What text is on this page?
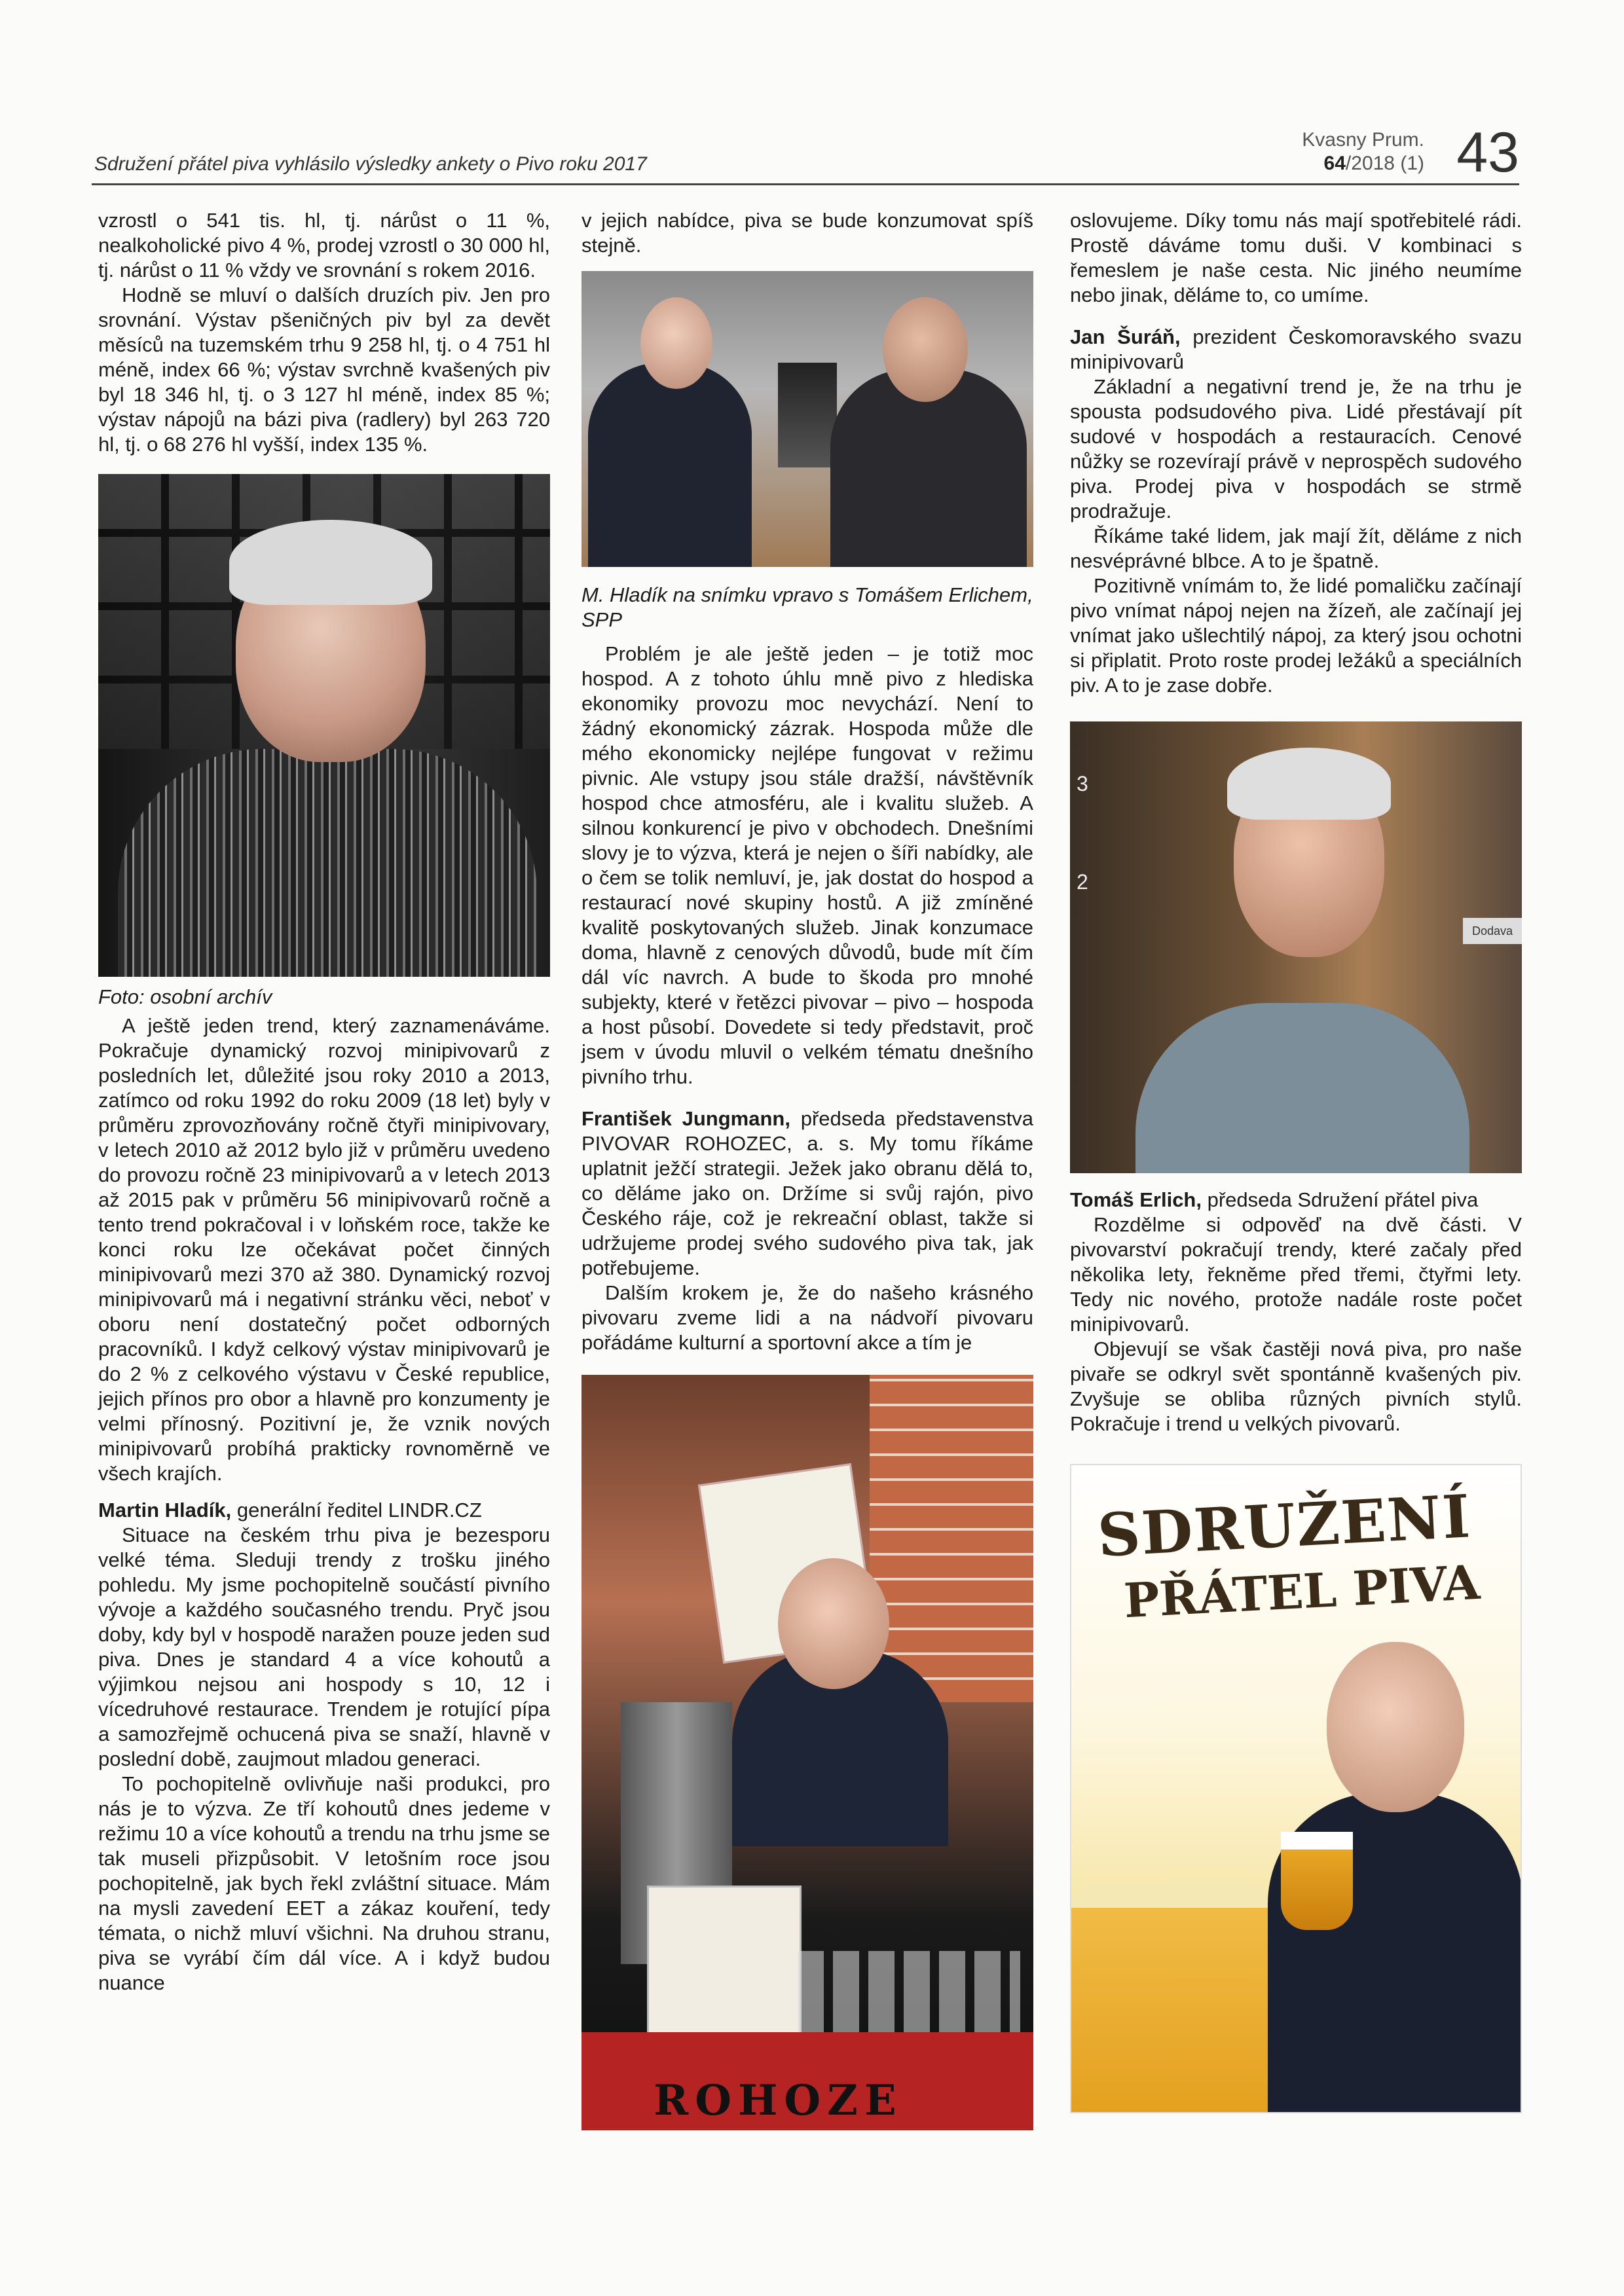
Sdružení přátel piva vyhlásilo výsledky ankety o Pivo roku 2017
Kvasny Prum.
64/2018 (1) 43

vzrostl o 541 tis. hl, tj. nárůst o 11 %, nealkoholické pivo 4 %, prodej vzrostl o 30 000 hl, tj. nárůst o 11 % vždy ve srovnání s rokem 2016.

Hodně se mluví o dalších druzích piv. Jen pro srovnání. Výstav pšeničných piv byl za devět měsíců na tuzemském trhu 9 258 hl, tj. o 4 751 hl méně, index 66 %; výstav svrchně kvašených piv byl 18 346 hl, tj. o 3 127 hl méně, index 85 %; výstav nápojů na bázi piva (radlery) byl 263 720 hl, tj. o 68 276 hl vyšší, index 135 %.

Foto: osobní archív

A ještě jeden trend, který zaznamenáváme. Pokračuje dynamický rozvoj minipivovarů z posledních let, důležité jsou roky 2010 a 2013, zatímco od roku 1992 do roku 2009 (18 let) byly v průměru zprovozňovány ročně čtyři minipivovary, v letech 2010 až 2012 bylo již v průměru uvedeno do provozu ročně 23 minipivovarů a v letech 2013 až 2015 pak v průměru 56 minipivovarů ročně a tento trend pokračoval i v loňském roce, takže ke konci roku lze očekávat počet činných minipivovarů mezi 370 až 380. Dynamický rozvoj minipivovarů má i negativní stránku věci, neboť v oboru není dostatečný počet odborných pracovníků. I když celkový výstav minipivovarů je do 2 % z celkového výstavu v České republice, jejich přínos pro obor a hlavně pro konzumenty je velmi přínosný. Pozitivní je, že vznik nových minipivovarů probíhá prakticky rovnoměrně ve všech krajích.

Martin Hladík, generální ředitel LINDR.CZ

Situace na českém trhu piva je bezesporu velké téma. Sleduji trendy z trošku jiného pohledu. My jsme pochopitelně součástí pivního vývoje a každého současného trendu. Pryč jsou doby, kdy byl v hospodě naražen pouze jeden sud piva. Dnes je standard 4 a více kohoutů a výjimkou nejsou ani hospody s 10, 12 i vícedruhové restaurace. Trendem je rotující pípa a samozřejmě ochucená piva se snaží, hlavně v poslední době, zaujmout mladou generaci.

To pochopitelně ovlivňuje naši produkci, pro nás je to výzva. Ze tří kohoutů dnes jedeme v režimu 10 a více kohoutů a trendu na trhu jsme se tak museli přizpůsobit. V letošním roce jsou pochopitelně, jak bych řekl zvláštní situace. Mám na mysli zavedení EET a zákaz kouření, tedy témata, o nichž mluví všichni. Na druhou stranu, piva se vyrábí čím dál více. A i když budou nuance

v jejich nabídce, piva se bude konzumovat spíš stejně.

M. Hladík na snímku vpravo s Tomášem Erlichem, SPP

Problém je ale ještě jeden – je totiž moc hospod. A z tohoto úhlu mně pivo z hlediska ekonomiky provozu moc nevychází. Není to žádný ekonomický zázrak. Hospoda může dle mého ekonomicky nejlépe fungovat v režimu pivnic. Ale vstupy jsou stále dražší, návštěvník hospod chce atmosféru, ale i kvalitu služeb. A silnou konkurencí je pivo v obchodech. Dnešními slovy je to výzva, která je nejen o šíři nabídky, ale o čem se tolik nemluví, je, jak dostat do hospod a restaurací nové skupiny hostů. A již zmíněné kvalitě poskytovaných služeb. Jinak konzumace doma, hlavně z cenových důvodů, bude mít čím dál víc navrch. A bude to škoda pro mnohé subjekty, které v řetězci pivovar – pivo – hospoda a host působí. Dovedete si tedy představit, proč jsem v úvodu mluvil o velkém tématu dnešního pivního trhu.

František Jungmann, předseda představenstva PIVOVAR ROHOZEC, a. s. My tomu říkáme uplatnit ježčí strategii. Ježek jako obranu dělá to, co děláme jako on. Držíme si svůj rajón, pivo Českého ráje, což je rekreační oblast, takže si udržujeme prodej svého sudového piva tak, jak potřebujeme.

Dalším krokem je, že do našeho krásného pivovaru zveme lidi a na nádvoří pivovaru pořádáme kulturní a sportovní akce a tím je

ROHOZE

oslovujeme. Díky tomu nás mají spotřebitelé rádi. Prostě dáváme tomu duši. V kombinaci s řemeslem je naše cesta. Nic jiného neumíme nebo jinak, děláme to, co umíme.

Jan Šuráň, prezident Českomoravského svazu minipivovarů

Základní a negativní trend je, že na trhu je spousta podsudového piva. Lidé přestávají pít sudové v hospodách a restauracích. Cenové nůžky se rozevírají právě v neprospěch sudového piva. Prodej piva v hospodách se strmě prodražuje.

Říkáme také lidem, jak mají žít, děláme z nich nesvéprávné blbce. A to je špatně.

Pozitivně vnímám to, že lidé pomaličku začínají pivo vnímat nápoj nejen na žízeň, ale začínají jej vnímat jako ušlechtilý nápoj, za který jsou ochotni si připlatit. Proto roste prodej ležáků a speciálních piv. A to je zase dobře.

3
2
Dodava

Tomáš Erlich, předseda Sdružení přátel piva

Rozdělme si odpověď na dvě části. V pivovarství pokračují trendy, které začaly před několika lety, řekněme před třemi, čtyřmi lety. Tedy nic nového, protože nadále roste počet minipivovarů.

Objevují se však častěji nová piva, pro naše pivaře se odkryl svět spontánně kvašených piv. Zvyšuje se obliba různých pivních stylů. Pokračuje i trend u velkých pivovarů.

SDRUŽENÍ
PŘÁTEL PIVA
